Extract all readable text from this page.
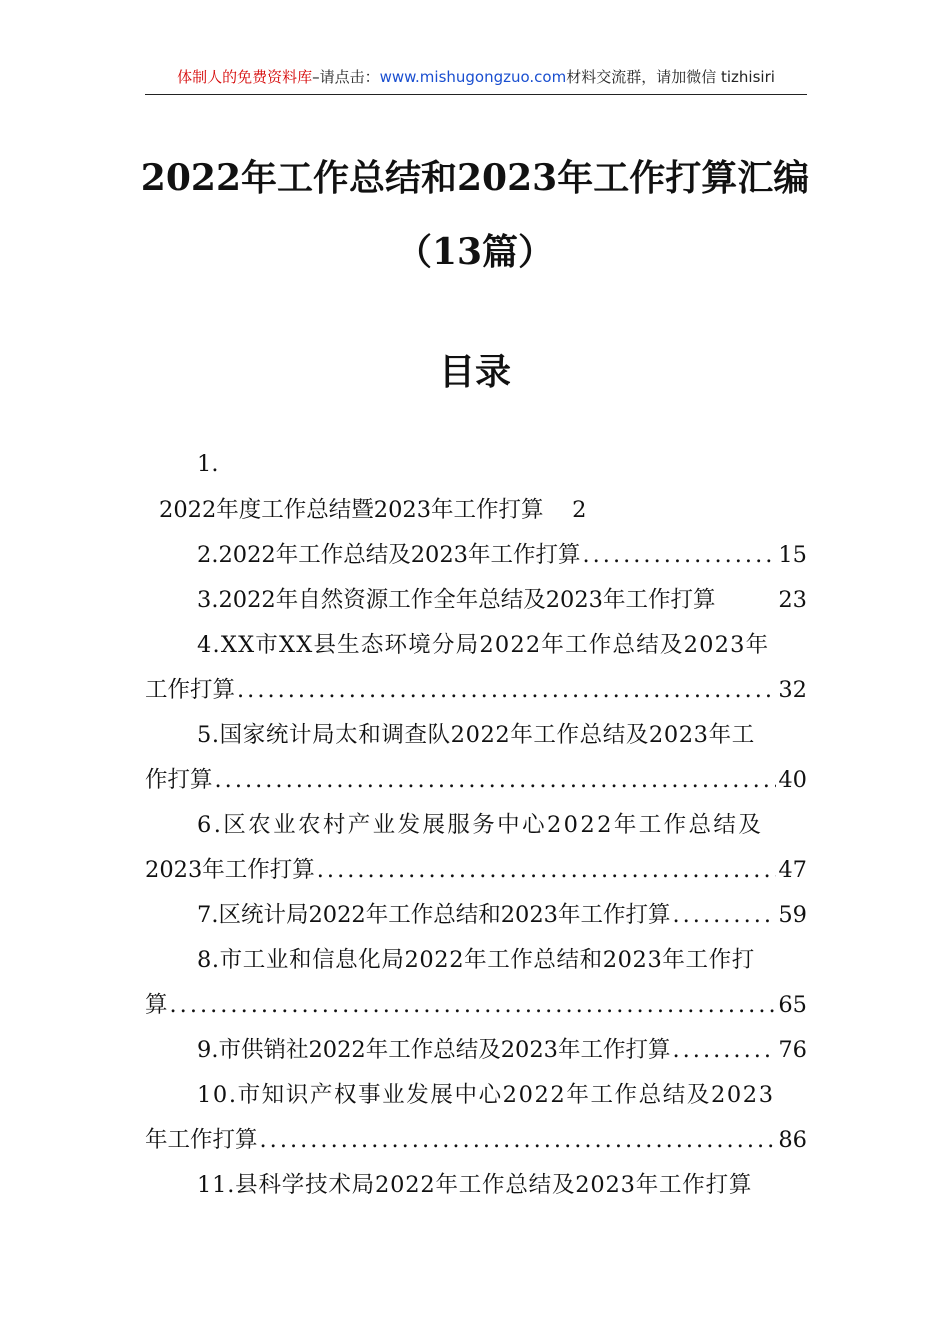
体制人的免费资料库–请点击：www.mishugongzuo.com材料交流群，请加微信 tizhisiri
2022年工作总结和2023年工作打算汇编
（13篇）
目录
1.
2022年度工作总结暨2023年工作打算 2
2.2022年工作总结及2023年工作打算 .....	15
3.2022年自然资源工作全年总结及2023年工作打算	23
4.XX市XX县生态环境分局2022年工作总结及2023年
工作打算 .....	32
5.国家统计局太和调查队2022年工作总结及2023年工
作打算 .....	40
6.区农业农村产业发展服务中心2022年工作总结及
2023年工作打算 .....	47
7.区统计局2022年工作总结和2023年工作打算 .....	59
8.市工业和信息化局2022年工作总结和2023年工作打
算 .....	65
9.市供销社2022年工作总结及2023年工作打算 .....	76
10.市知识产权事业发展中心2022年工作总结及2023
年工作打算 .....	86
11.县科学技术局2022年工作总结及2023年工作打算
